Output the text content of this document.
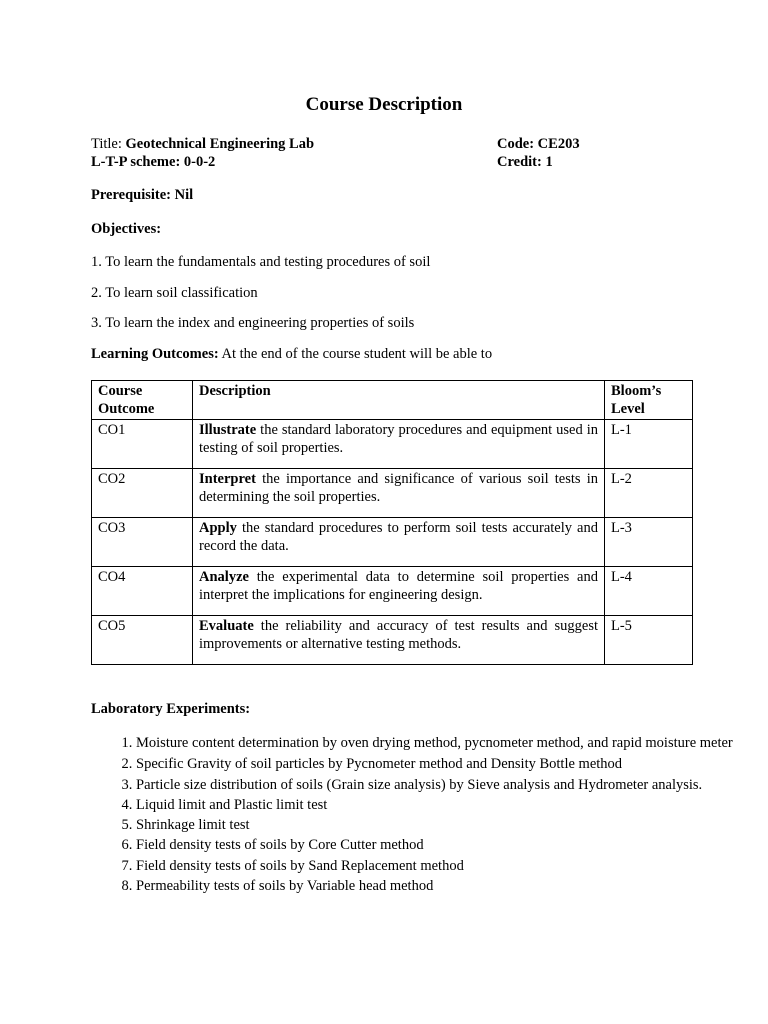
Course Description
Title: Geotechnical Engineering Lab	Code: CE203
L-T-P scheme: 0-0-2	Credit: 1
Prerequisite: Nil
Objectives:
1. To learn the fundamentals and testing procedures of soil
2. To learn soil classification
3. To learn the index and engineering properties of soils
Learning Outcomes: At the end of the course student will be able to
Course Outcome	Description	Bloom’s Level
CO1	Illustrate the standard laboratory procedures and equipment used in testing of soil properties.	L-1
CO2	Interpret the importance and significance of various soil tests in determining the soil properties.	L-2
CO3	Apply the standard procedures to perform soil tests accurately and record the data.	L-3
CO4	Analyze the experimental data to determine soil properties and interpret the implications for engineering design.	L-4
CO5	Evaluate the reliability and accuracy of test results and suggest improvements or alternative testing methods.	L-5
Laboratory Experiments:
1. Moisture content determination by oven drying method, pycnometer method, and rapid moisture meter
2. Specific Gravity of soil particles by Pycnometer method and Density Bottle method
3. Particle size distribution of soils (Grain size analysis) by Sieve analysis and Hydrometer analysis.
4. Liquid limit and Plastic limit test
5. Shrinkage limit test
6. Field density tests of soils by Core Cutter method
7. Field density tests of soils by Sand Replacement method
8. Permeability tests of soils by Variable head method
